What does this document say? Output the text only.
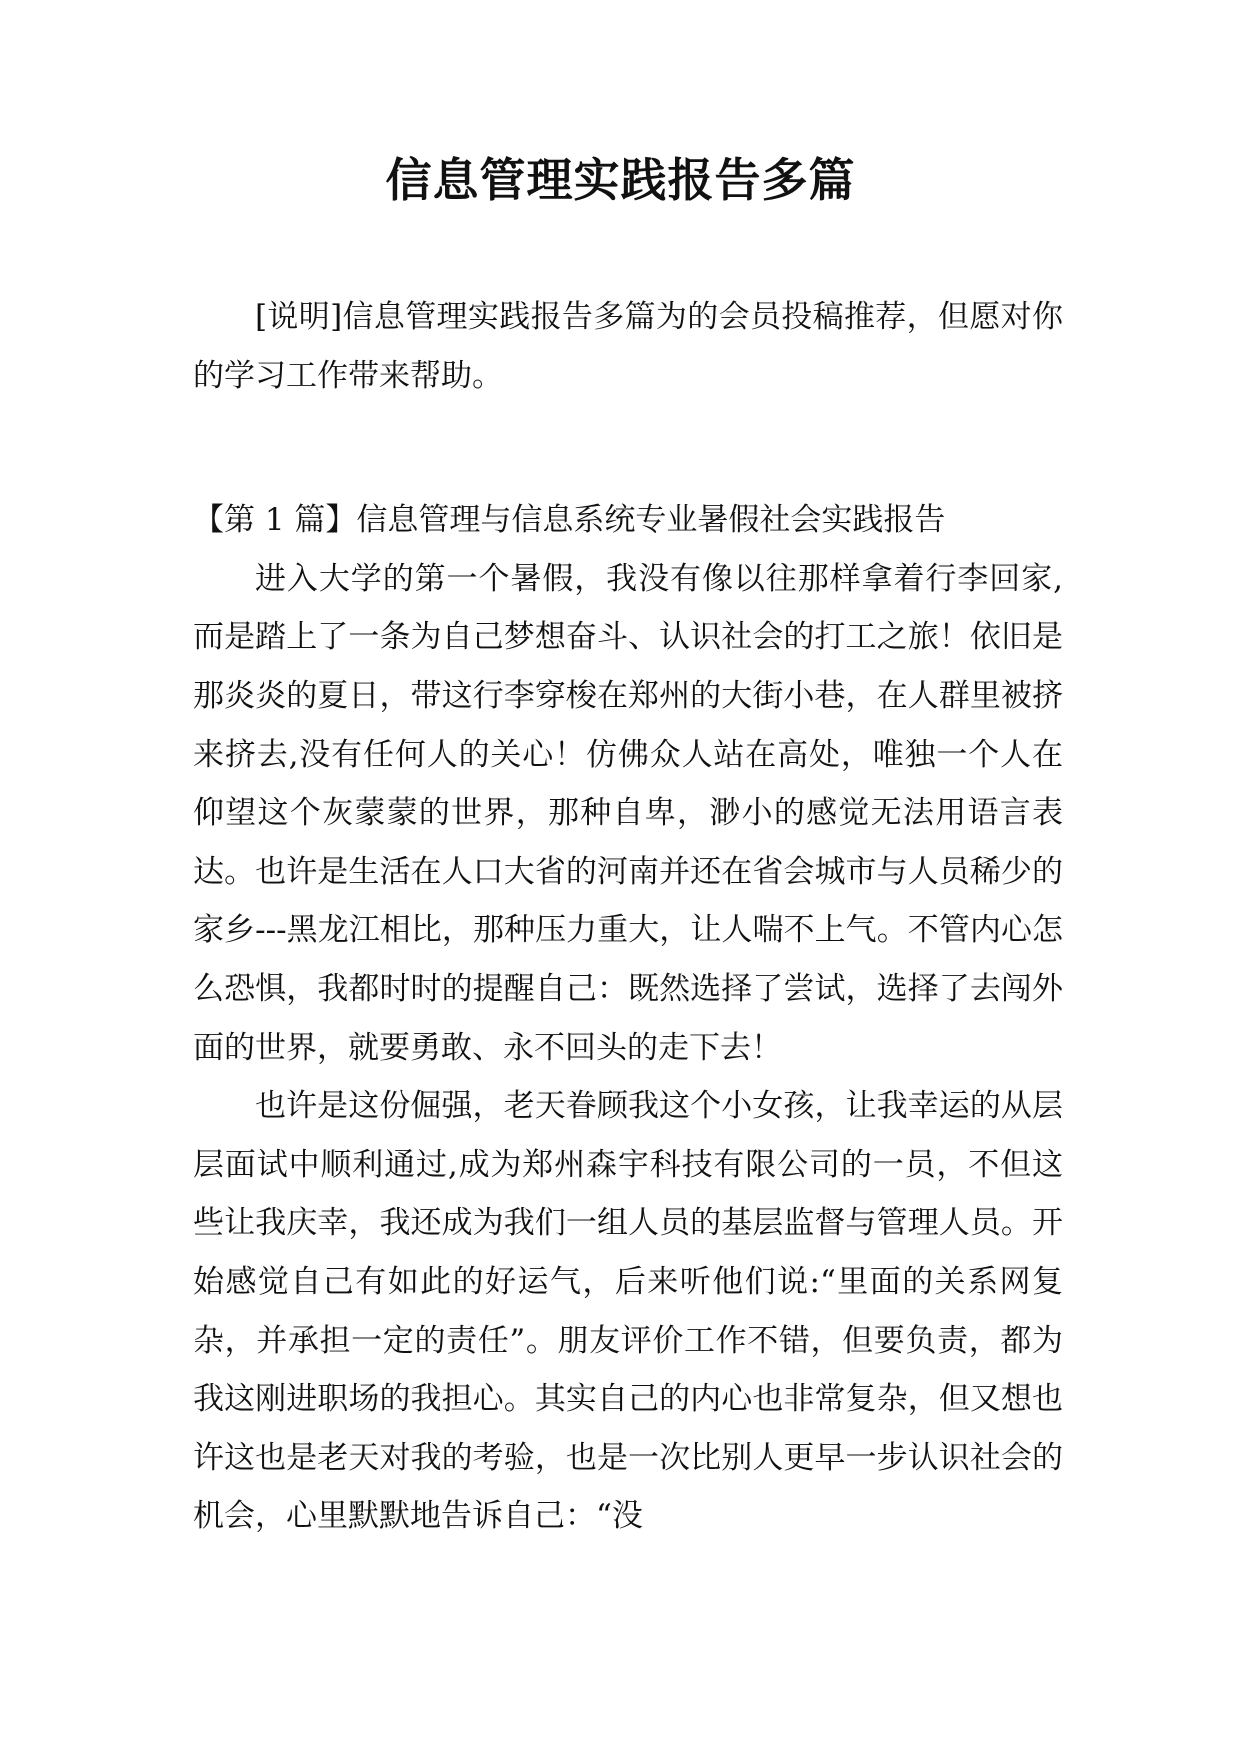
信息管理实践报告多篇

[说明]信息管理实践报告多篇为的会员投稿推荐，但愿对你的学习工作带来帮助。

【第 1 篇】信息管理与信息系统专业暑假社会实践报告

进入大学的第一个暑假，我没有像以往那样拿着行李回家,而是踏上了一条为自己梦想奋斗、认识社会的打工之旅！依旧是那炎炎的夏日，带这行李穿梭在郑州的大街小巷，在人群里被挤来挤去,没有任何人的关心！仿佛众人站在高处，唯独一个人在仰望这个灰蒙蒙的世界，那种自卑，渺小的感觉无法用语言表达。也许是生活在人口大省的河南并还在省会城市与人员稀少的家乡---黑龙江相比，那种压力重大，让人喘不上气。不管内心怎么恐惧，我都时时的提醒自己：既然选择了尝试，选择了去闯外面的世界，就要勇敢、永不回头的走下去！

也许是这份倔强，老天眷顾我这个小女孩，让我幸运的从层层面试中顺利通过,成为郑州森宇科技有限公司的一员，不但这些让我庆幸，我还成为我们一组人员的基层监督与管理人员。开始感觉自己有如此的好运气，后来听他们说:“里面的关系网复杂，并承担一定的责任”。朋友评价工作不错，但要负责，都为我这刚进职场的我担心。其实自己的内心也非常复杂，但又想也许这也是老天对我的考验，也是一次比别人更早一步认识社会的机会，心里默默地告诉自己：“没
